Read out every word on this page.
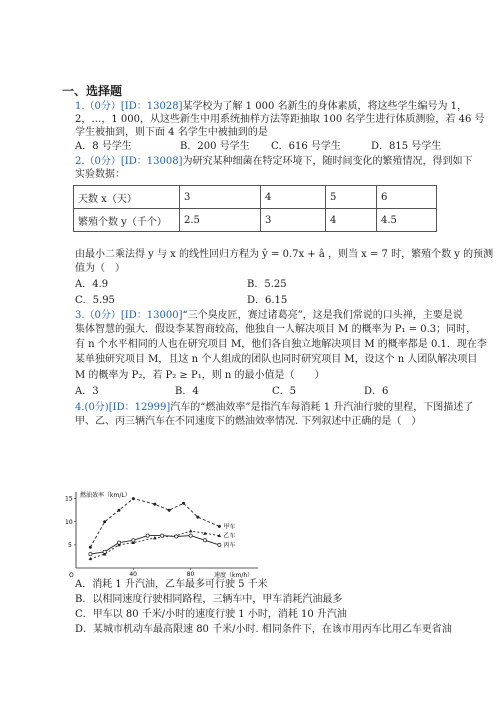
一、选择题
1.（0分）[ID：13028]某学校为了解 1 000 名新生的身体素质，将这些学生编号为 1，
2，…，1 000，从这些新生中用系统抽样方法等距抽取 100 名学生进行体质测验，若 46 号
学生被抽到，则下面 4 名学生中被抽到的是
A．8 号学生	B．200 号学生 C．616 号学生	D．815 号学生
2.（0分）[ID：13008]为研究某种细菌在特定环境下，随时间变化的繁殖情况，得到如下
实验数据：
天数 x（天）	3	4	5	6
繁殖个数 y（千个）	2.5	3	4	4.5
由最小二乘法得 y 与 x 的线性回归方程为 ŷ = 0.7x + â ，则当 x = 7 时，繁殖个数 y 的预测
值为（　）
A．4.9	B．5.25
C．5.95	D．6.15
3.（0分）[ID：13000]“三个臭皮匠，赛过诸葛亮”，这是我们常说的口头禅，主要是说
集体智慧的强大．假设李某智商较高，他独自一人解决项目 M 的概率为 P₁ = 0.3；同时，
有 n 个水平相同的人也在研究项目 M，他们各自独立地解决项目 M 的概率都是 0.1．现在李
某单独研究项目 M，且这 n 个人组成的团队也同时研究项目 M，设这个 n 人团队解决项目
M 的概率为 P₂，若 P₂ ≥ P₁，则 n 的最小值是（　　）
A．3	B．4	C．5	D．6
4.(0分)[ID：12999]汽车的“燃油效率”是指汽车每消耗 1 升汽油行驶的里程，下图描述了
甲、乙、丙三辆汽车在不同速度下的燃油效率情况. 下列叙述中正确的是（　）
燃油效率（km/L）
速度（km/h）
O	40	80
5
10
15
甲车
乙车
丙车
A．消耗 1 升汽油，乙车最多可行驶 5 千米
B．以相同速度行驶相同路程，三辆车中，甲车消耗汽油最多
C．甲车以 80 千米/小时的速度行驶 1 小时，消耗 10 升汽油
D．某城市机动车最高限速 80 千米/小时. 相同条件下，在该市用丙车比用乙车更省油
